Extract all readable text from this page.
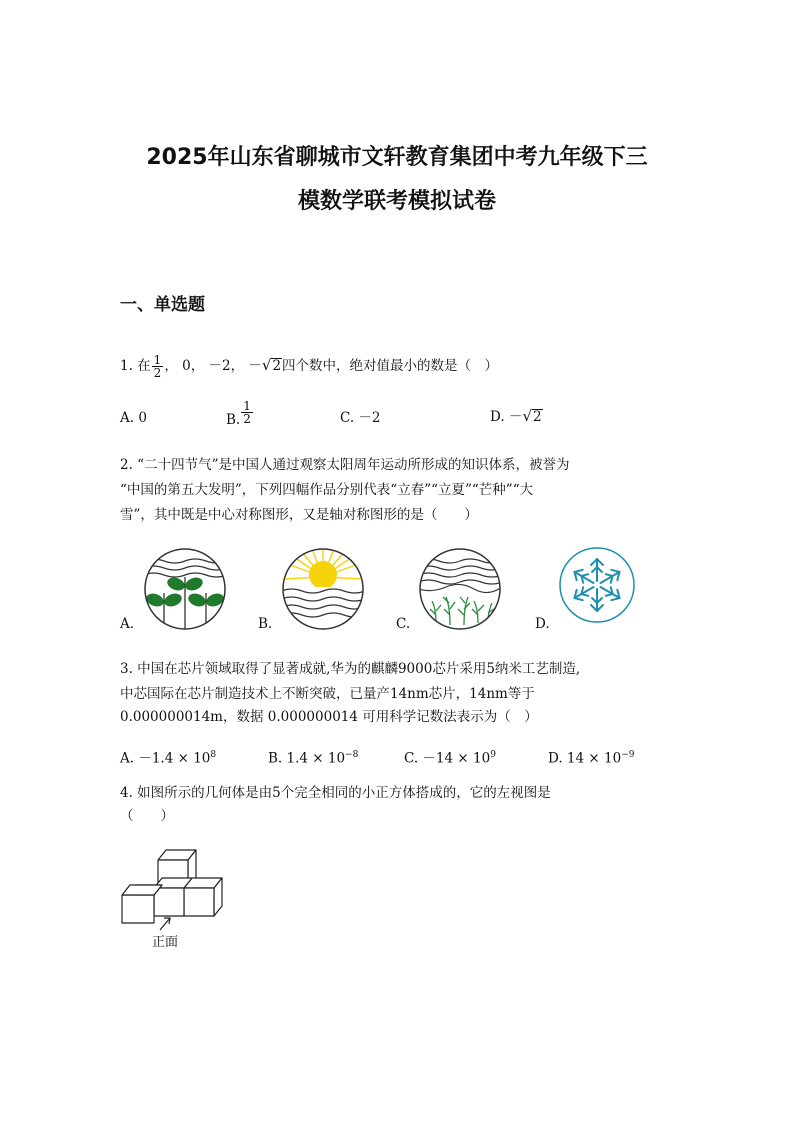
2025年山东省聊城市文轩教育集团中考九年级下三
模数学联考模拟试卷
一、单选题
1. 在 $\frac{1}{2}$ ， 0， －2， －√2四个数中，绝对值最小的数是（　）
A. 0	B. $\frac{1}{2}$	C. －2	D. －√2
2. “二十四节气”是中国人通过观察太阳周年运动所形成的知识体系，被誉为
“中国的第五大发明”，下列四幅作品分别代表“立春”“立夏”“芒种”“大
雪”，其中既是中心对称图形，又是轴对称图形的是（　　）
A.	B.	C.	D.
3. 中国在芯片领域取得了显著成就,华为的麒麟9000芯片采用5纳米工艺制造,
中芯国际在芯片制造技术上不断突破，已量产14nm芯片，14nm等于
0.000000014m，数据 0.000000014 可用科学记数法表示为（　）
A. $-1.4 \times 10^8$	B. $1.4 \times 10^{-8}$	C. $-14 \times 10^9$	D. $14 \times 10^{-9}$
4. 如图所示的几何体是由5个完全相同的小正方体搭成的，它的左视图是
（　　）
正面
